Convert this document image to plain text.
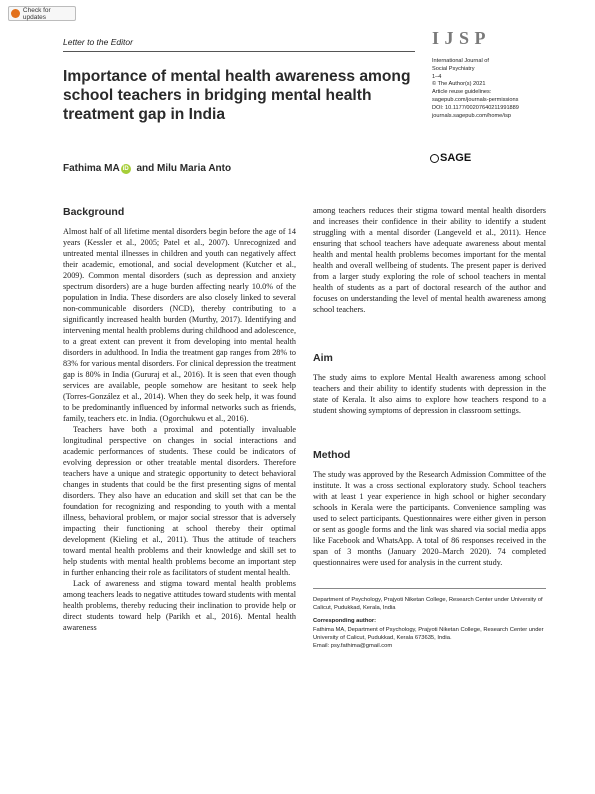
Check for updates
Letter to the Editor	I J S P
International Journal of
Social Psychiatry
1–4
© The Author(s) 2021
Article reuse guidelines:
sagepub.com/journals-permissions
DOI: 10.1177/00207640211991889
journals.sagepub.com/home/isp
SAGE
Importance of mental health awareness among school teachers in bridging mental health treatment gap in India
Fathima MA iD and Milu Maria Anto
Background

Almost half of all lifetime mental disorders begin before the age of 14 years (Kessler et al., 2005; Patel et al., 2007). Unrecognized and untreated mental illnesses in children and youth can negatively affect their academic, emotional, and social development (Kutcher et al., 2009). Common mental disorders (such as depression and anxiety spectrum disorders) are a huge burden affecting nearly 10.0% of the population in India. These disorders are also closely linked to several non-communicable disorders (NCD), thereby contributing to a significantly increased health burden (Murthy, 2017). Identifying and intervening mental health problems during childhood and adolescence, to a great extent can prevent it from developing into mental health disorders in adulthood. In India the treatment gap ranges from 28% to 83% for various mental disorders. For clinical depression the treatment gap is 80% in India (Gururaj et al., 2016). It is seen that even though services are available, people somehow are hesitant to seek help (Torres-González et al., 2014). When they do seek help, it was found to be predominantly influenced by informal networks such as friends, family, teachers etc. in India. (Ogorchukwu et al., 2016).

Teachers have both a proximal and potentially invaluable longitudinal perspective on changes in social interactions and academic performances of students. These could be indicators of evolving depression or other treatable mental disorders. Therefore teachers have a unique and strategic opportunity to detect behavioral changes in students that could be the first presenting signs of mental disorders. They also have an education and skill set that can be the foundation for recognizing and responding to youth with a mental illness, behavioral problem, or major social stressor that is adversely impacting their functioning at school thereby their optimal development (Kieling et al., 2011). Thus the attitude of teachers toward mental health problems and their knowledge and skill set to help students with mental health problems become an important step in further enhancing their role as facilitators of student mental health.

Lack of awareness and stigma toward mental health problems among teachers leads to negative attitudes toward students with mental health problems, thereby reducing their inclination to provide help or direct students toward help (Parikh et al., 2016). Mental health awareness

among teachers reduces their stigma toward mental health disorders and increases their confidence in their ability to identify a student struggling with a mental disorder (Langeveld et al., 2011). Hence ensuring that school teachers have adequate awareness about mental health and mental health problems becomes important for the mental health and overall wellbeing of students. The present paper is derived from a larger study exploring the role of school teachers in mental health of students as a part of doctoral research of the author and focuses on understanding the level of mental health awareness among school teachers.

Aim

The study aims to explore Mental Health awareness among school teachers and their ability to identify students with depression in the state of Kerala. It also aims to explore how teachers respond to a student showing symptoms of depression in classroom settings.

Method

The study was approved by the Research Admission Committee of the institute. It was a cross sectional exploratory study. School teachers with at least 1 year experience in high school or higher secondary schools in Kerala were the participants. Convenience sampling was used to select participants. Questionnaires were either given in person or sent as google forms and the link was shared via social media apps like Facebook and WhatsApp. A total of 86 responses received in the span of 3 months (January 2020–March 2020). 74 completed questionnaires were used for analysis in the current study.

Department of Psychology, Prajyoti Niketan College, Research Center under University of Calicut, Pudukkad, Kerala, India
Corresponding author:
Fathima MA, Department of Psychology, Prajyoti Niketan College, Research Center under University of Calicut, Pudukkad, Kerala 673635, India.
Email: psy.fathima@gmail.com
